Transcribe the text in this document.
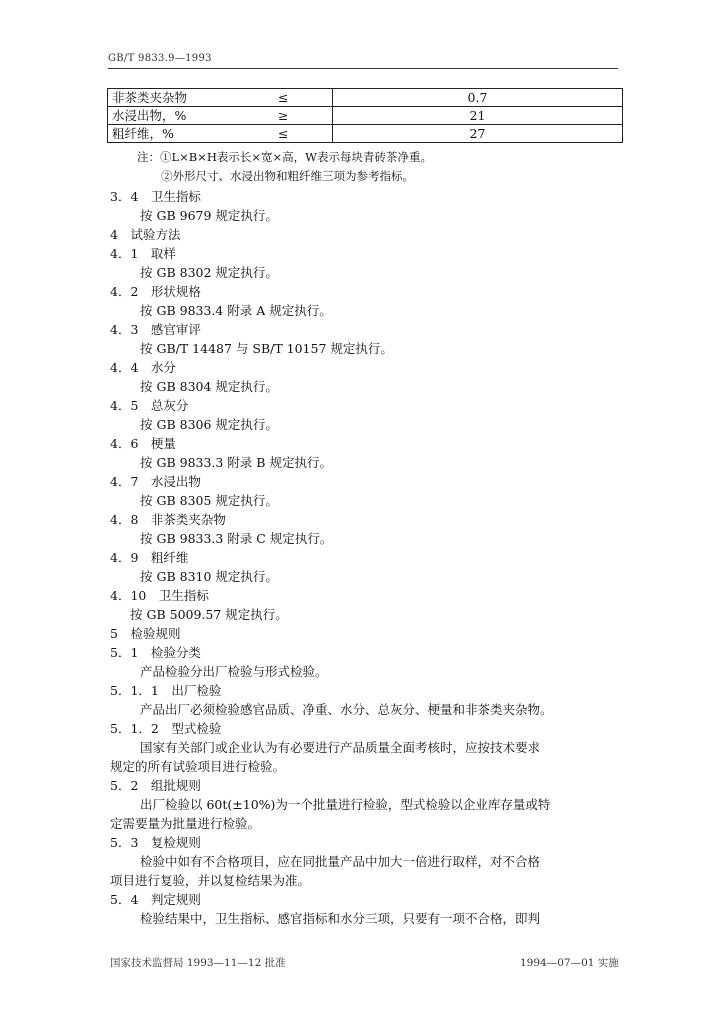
GB/T 9833.9—1993
非茶类夹杂物	≤	0.7
水浸出物，%	≥	21
粗纤维，%	≤	27
注：①L×B×H表示长×宽×高，W表示每块青砖茶净重。
②外形尺寸、水浸出物和粗纤维三项为参考指标。
3．4　卫生指标
按 GB 9679 规定执行。
4　试验方法
4．1　取样
按 GB 8302 规定执行。
4．2　形状规格
按 GB 9833.4 附录 A 规定执行。
4．3　感官审评
按 GB/T 14487 与 SB/T 10157 规定执行。
4．4　水分
按 GB 8304 规定执行。
4．5　总灰分
按 GB 8306 规定执行。
4．6　梗量
按 GB 9833.3 附录 B 规定执行。
4．7　水浸出物
按 GB 8305 规定执行。
4．8　非茶类夹杂物
按 GB 9833.3 附录 C 规定执行。
4．9　粗纤维
按 GB 8310 规定执行。
4．10　卫生指标
按 GB 5009.57 规定执行。
5　检验规则
5．1　检验分类
产品检验分出厂检验与形式检验。
5．1．1　出厂检验
产品出厂必须检验感官品质、净重、水分、总灰分、梗量和非茶类夹杂物。
5．1．2　型式检验
国家有关部门或企业认为有必要进行产品质量全面考核时，应按技术要求
规定的所有试验项目进行检验。
5．2　组批规则
出厂检验以 60t(±10%)为一个批量进行检验，型式检验以企业库存量或特
定需要量为批量进行检验。
5．3　复检规则
检验中如有不合格项目，应在同批量产品中加大一倍进行取样，对不合格
项目进行复验，并以复检结果为准。
5．4　判定规则
检验结果中，卫生指标、感官指标和水分三项，只要有一项不合格，即判
国家技术监督局 1993—11—12 批准	1994—07—01 实施
